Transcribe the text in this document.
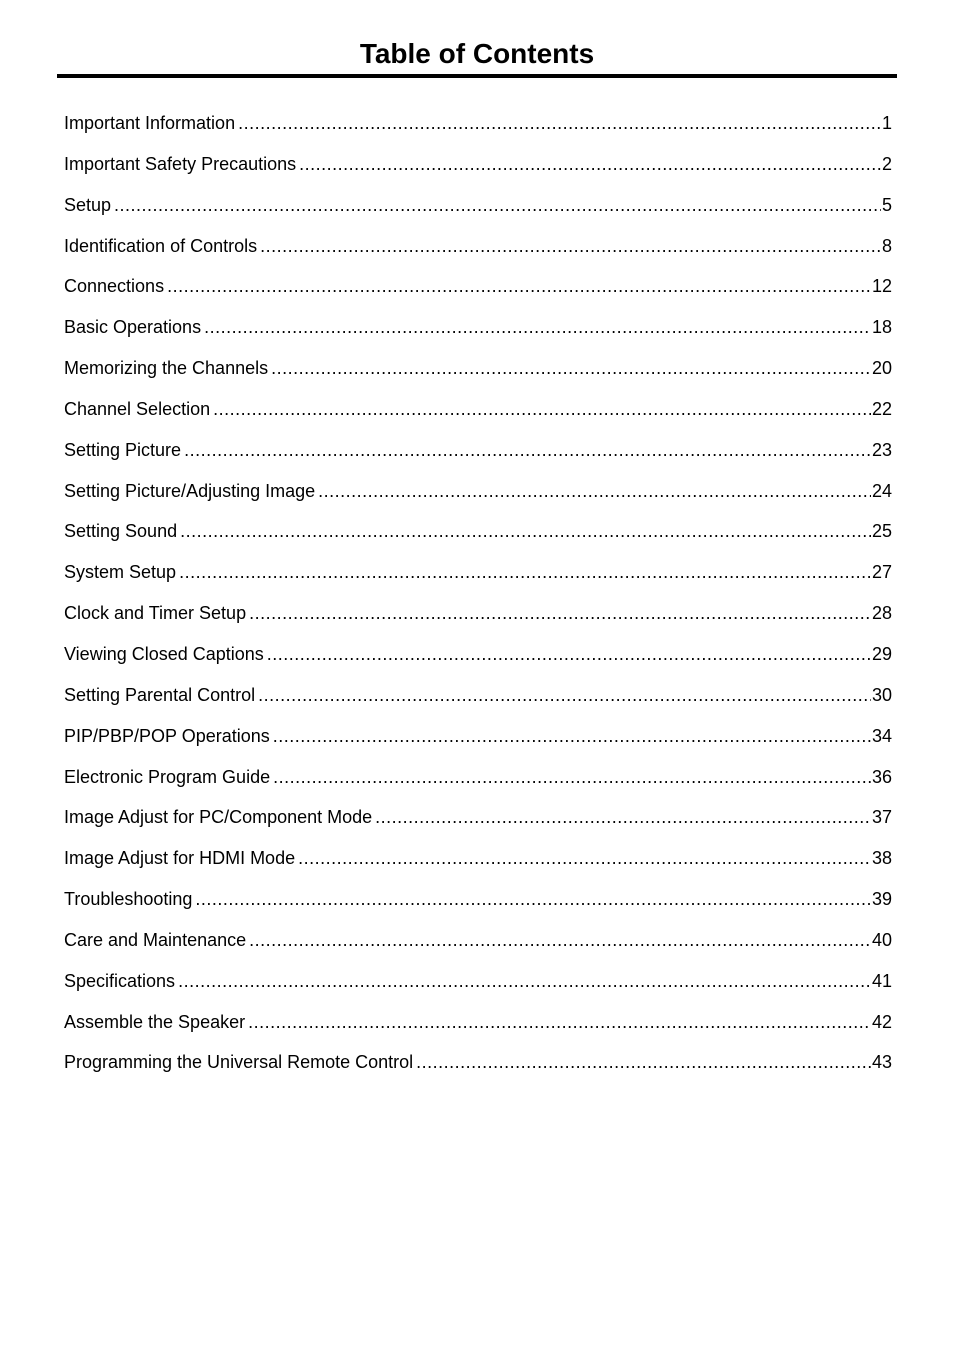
Table of Contents
Important Information .....	1
Important Safety Precautions .....	2
Setup .....	5
Identification of Controls .....	8
Connections .....	12
Basic Operations .....	18
Memorizing the Channels .....	20
Channel Selection .....	22
Setting Picture .....	23
Setting Picture/Adjusting Image .....	24
Setting Sound .....	25
System Setup .....	27
Clock and Timer Setup .....	28
Viewing Closed Captions .....	29
Setting Parental Control .....	30
PIP/PBP/POP Operations .....	34
Electronic Program Guide .....	36
Image Adjust for PC/Component Mode .....	37
Image Adjust for HDMI Mode .....	38
Troubleshooting .....	39
Care and Maintenance .....	40
Specifications .....	41
Assemble the Speaker .....	42
Programming the Universal Remote Control .....	43
